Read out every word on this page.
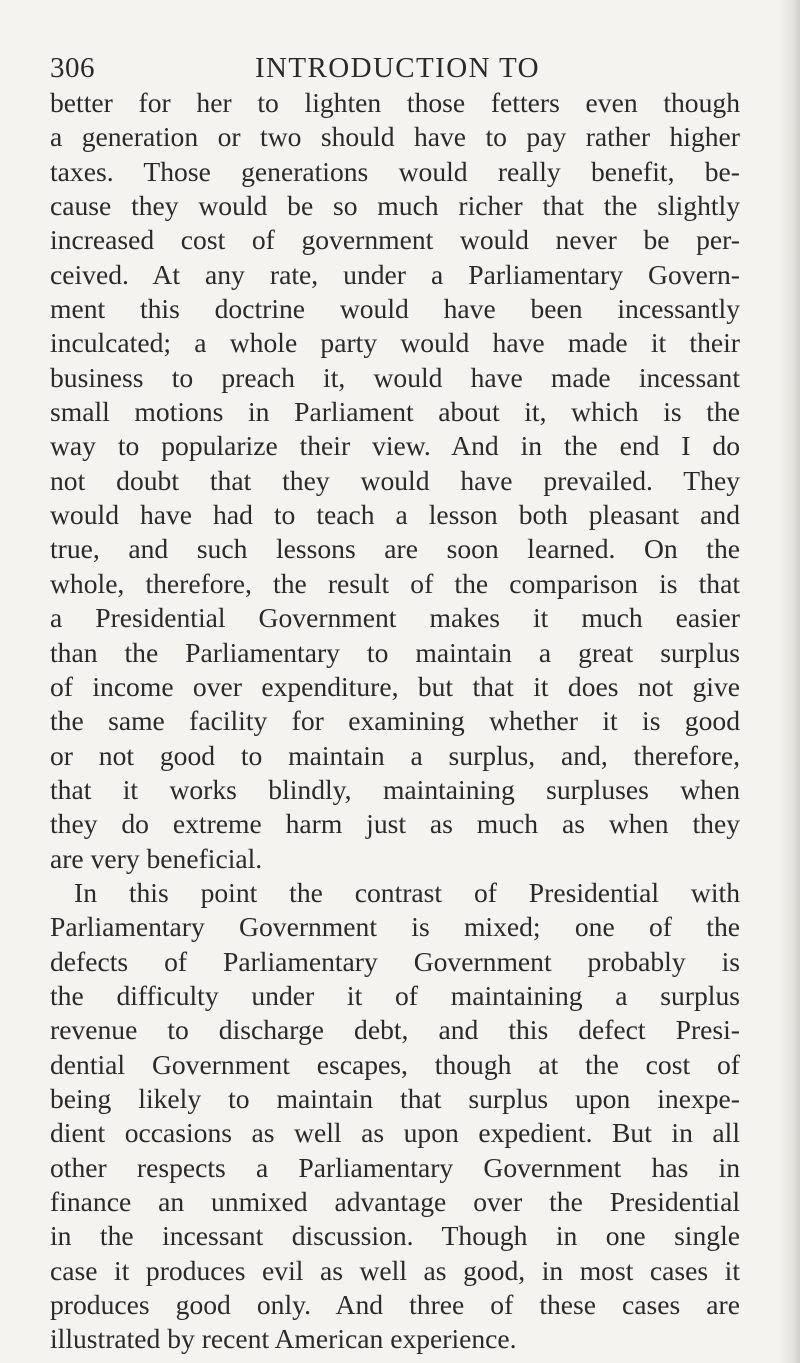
306	INTRODUCTION TO
better for her to lighten those fetters even though
a generation or two should have to pay rather higher
taxes. Those generations would really benefit, be-
cause they would be so much richer that the slightly
increased cost of government would never be per-
ceived. At any rate, under a Parliamentary Govern-
ment this doctrine would have been incessantly
inculcated; a whole party would have made it their
business to preach it, would have made incessant
small motions in Parliament about it, which is the
way to popularize their view. And in the end I do
not doubt that they would have prevailed. They
would have had to teach a lesson both pleasant and
true, and such lessons are soon learned. On the
whole, therefore, the result of the comparison is that
a Presidential Government makes it much easier
than the Parliamentary to maintain a great surplus
of income over expenditure, but that it does not give
the same facility for examining whether it is good
or not good to maintain a surplus, and, therefore,
that it works blindly, maintaining surpluses when
they do extreme harm just as much as when they
are very beneficial.
In this point the contrast of Presidential with
Parliamentary Government is mixed; one of the
defects of Parliamentary Government probably is
the difficulty under it of maintaining a surplus
revenue to discharge debt, and this defect Presi-
dential Government escapes, though at the cost of
being likely to maintain that surplus upon inexpe-
dient occasions as well as upon expedient. But in all
other respects a Parliamentary Government has in
finance an unmixed advantage over the Presidential
in the incessant discussion. Though in one single
case it produces evil as well as good, in most cases it
produces good only. And three of these cases are
illustrated by recent American experience.
